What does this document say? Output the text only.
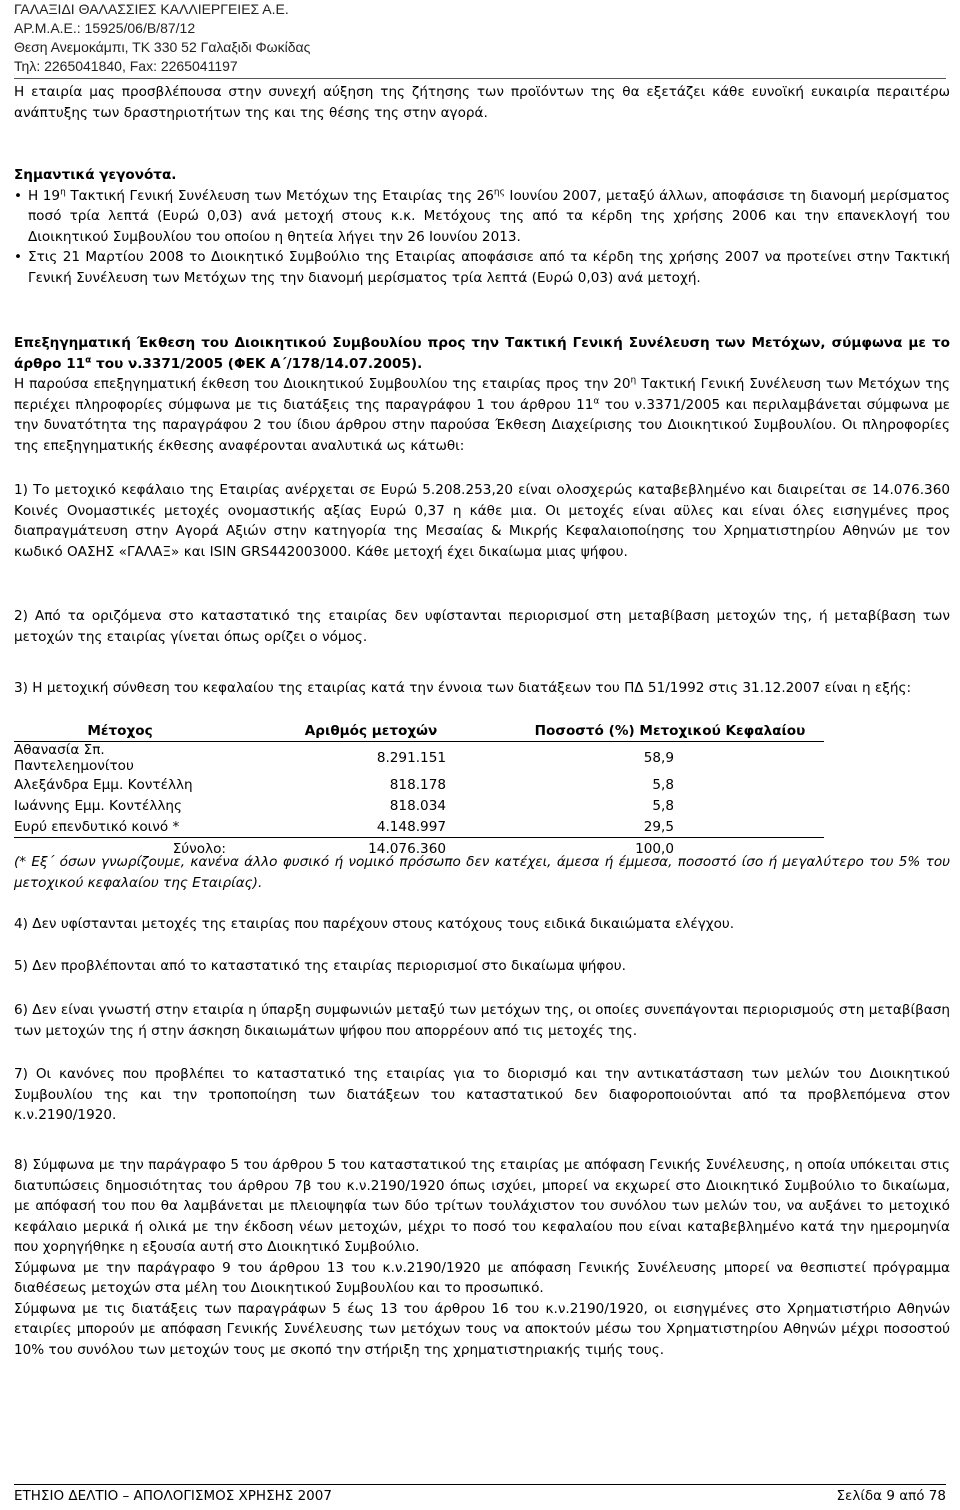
ΓΑΛΑΞΙΔΙ ΘΑΛΑΣΣΙΕΣ ΚΑΛΛΙΕΡΓΕΙΕΣ Α.Ε.
ΑΡ.Μ.Α.Ε.: 15925/06/Β/87/12
Θεση Ανεμοκάμπι, ΤΚ 330 52 Γαλαξιδι Φωκίδας
Τηλ: 2265041840, Fax: 2265041197
Η εταιρία μας προσβλέπουσα στην συνεχή αύξηση της ζήτησης των προϊόντων της θα εξετάζει κάθε ευνοϊκή ευκαιρία περαιτέρω ανάπτυξης των δραστηριοτήτων της και της θέσης της στην αγορά.
Σημαντικά γεγονότα.
• Η $19^\eta$ Τακτική Γενική Συνέλευση των Μετόχων της Εταιρίας της $26^{\eta\varsigma}$ Ιουνίου 2007, μεταξύ άλλων, αποφάσισε τη διανομή μερίσματος ποσό τρία λεπτά (Ευρώ 0,03) ανά μετοχή στους κ.κ. Μετόχους της από τα κέρδη της χρήσης 2006 και την επανεκλογή του Διοικητικού Συμβουλίου του οποίου η θητεία λήγει την 26 Ιουνίου 2013.
• Στις 21 Μαρτίου 2008 το Διοικητικό Συμβούλιο της Εταιρίας αποφάσισε από τα κέρδη της χρήσης 2007 να προτείνει στην Τακτική Γενική Συνέλευση των Μετόχων της την διανομή μερίσματος τρία λεπτά (Ευρώ 0,03) ανά μετοχή.
Επεξηγηματική Έκθεση του Διοικητικού Συμβουλίου προς την Τακτική Γενική Συνέλευση των Μετόχων, σύμφωνα με το άρθρο $11^\alpha$ του ν.3371/2005 (ΦΕΚ Α΄/178/14.07.2005).
Η παρούσα επεξηγηματική έκθεση του Διοικητικού Συμβουλίου της εταιρίας προς την $20^\eta$ Τακτική Γενική Συνέλευση των Μετόχων της περιέχει πληροφορίες σύμφωνα με τις διατάξεις της παραγράφου 1 του άρθρου $11^\alpha$ του ν.3371/2005 και περιλαμβάνεται σύμφωνα με την δυνατότητα της παραγράφου 2 του ίδιου άρθρου στην παρούσα Έκθεση Διαχείρισης του Διοικητικού Συμβουλίου. Οι πληροφορίες της επεξηγηματικής έκθεσης αναφέρονται αναλυτικά ως κάτωθι:
1) Το μετοχικό κεφάλαιο της Εταιρίας ανέρχεται σε Ευρώ 5.208.253,20 είναι ολοσχερώς καταβεβλημένο και διαιρείται σε 14.076.360 Κοινές Ονομαστικές μετοχές ονομαστικής αξίας Ευρώ 0,37 η κάθε μια. Οι μετοχές είναι αϋλες και είναι όλες εισηγμένες προς διαπραγμάτευση στην Αγορά Αξιών στην κατηγορία της Μεσαίας & Μικρής Κεφαλαιοποίησης του Χρηματιστηρίου Αθηνών με τον κωδικό ΟΑΣΗΣ «ΓΑΛΑΞ» και ISIN GRS442003000. Κάθε μετοχή έχει δικαίωμα μιας ψήφου.
2) Από τα οριζόμενα στο καταστατικό της εταιρίας δεν υφίστανται περιορισμοί στη μεταβίβαση μετοχών της, ή μεταβίβαση των μετοχών της εταιρίας γίνεται όπως ορίζει ο νόμος.
3) Η μετοχική σύνθεση του κεφαλαίου της εταιρίας κατά την έννοια των διατάξεων του ΠΔ 51/1992 στις 31.12.2007 είναι η εξής:
Μέτοχος	Αριθμός μετοχών	Ποσοστό (%) Μετοχικού Κεφαλαίου
Αθανασία Σπ. Παντελεημονίτου	8.291.151	58,9
Αλεξάνδρα Εμμ. Κοντέλλη	818.178	5,8
Ιωάννης Εμμ. Κοντέλλης	818.034	5,8
Ευρύ επενδυτικό κοινό *	4.148.997	29,5
Σύνολο:	14.076.360	100,0
(* Εξ΄ όσων γνωρίζουμε, κανένα άλλο φυσικό ή νομικό πρόσωπο δεν κατέχει, άμεσα ή έμμεσα, ποσοστό ίσο ή μεγαλύτερο του 5% του μετοχικού κεφαλαίου της Εταιρίας).
4) Δεν υφίστανται μετοχές της εταιρίας που παρέχουν στους κατόχους τους ειδικά δικαιώματα ελέγχου.
5) Δεν προβλέπονται από το καταστατικό της εταιρίας περιορισμοί στο δικαίωμα ψήφου.
6) Δεν είναι γνωστή στην εταιρία η ύπαρξη συμφωνιών μεταξύ των μετόχων της, οι οποίες συνεπάγονται περιορισμούς στη μεταβίβαση των μετοχών της ή στην άσκηση δικαιωμάτων ψήφου που απορρέουν από τις μετοχές της.
7) Οι κανόνες που προβλέπει το καταστατικό της εταιρίας για το διορισμό και την αντικατάσταση των μελών του Διοικητικού Συμβουλίου της και την τροποποίηση των διατάξεων του καταστατικού δεν διαφοροποιούνται από τα προβλεπόμενα στον κ.ν.2190/1920.
8) Σύμφωνα με την παράγραφο 5 του άρθρου 5 του καταστατικού της εταιρίας με απόφαση Γενικής Συνέλευσης, η οποία υπόκειται στις διατυπώσεις δημοσιότητας του άρθρου 7β του κ.ν.2190/1920 όπως ισχύει, μπορεί να εκχωρεί στο Διοικητικό Συμβούλιο το δικαίωμα, με απόφασή του που θα λαμβάνεται με πλειοψηφία των δύο τρίτων τουλάχιστον του συνόλου των μελών του, να αυξάνει το μετοχικό κεφάλαιο μερικά ή ολικά με την έκδοση νέων μετοχών, μέχρι το ποσό του κεφαλαίου που είναι καταβεβλημένο κατά την ημερομηνία που χορηγήθηκε η εξουσία αυτή στο Διοικητικό Συμβούλιο.
Σύμφωνα με την παράγραφο 9 του άρθρου 13 του κ.ν.2190/1920 με απόφαση Γενικής Συνέλευσης μπορεί να θεσπιστεί πρόγραμμα διαθέσεως μετοχών στα μέλη του Διοικητικού Συμβουλίου και το προσωπικό.
Σύμφωνα με τις διατάξεις των παραγράφων 5 έως 13 του άρθρου 16 του κ.ν.2190/1920, οι εισηγμένες στο Χρηματιστήριο Αθηνών εταιρίες μπορούν με απόφαση Γενικής Συνέλευσης των μετόχων τους να αποκτούν μέσω του Χρηματιστηρίου Αθηνών μέχρι ποσοστού 10% του συνόλου των μετοχών τους με σκοπό την στήριξη της χρηματιστηριακής τιμής τους.
ΕΤΗΣΙΟ ΔΕΛΤΙΟ – ΑΠΟΛΟΓΙΣΜΟΣ ΧΡΗΣΗΣ 2007	Σελίδα 9 από 78
